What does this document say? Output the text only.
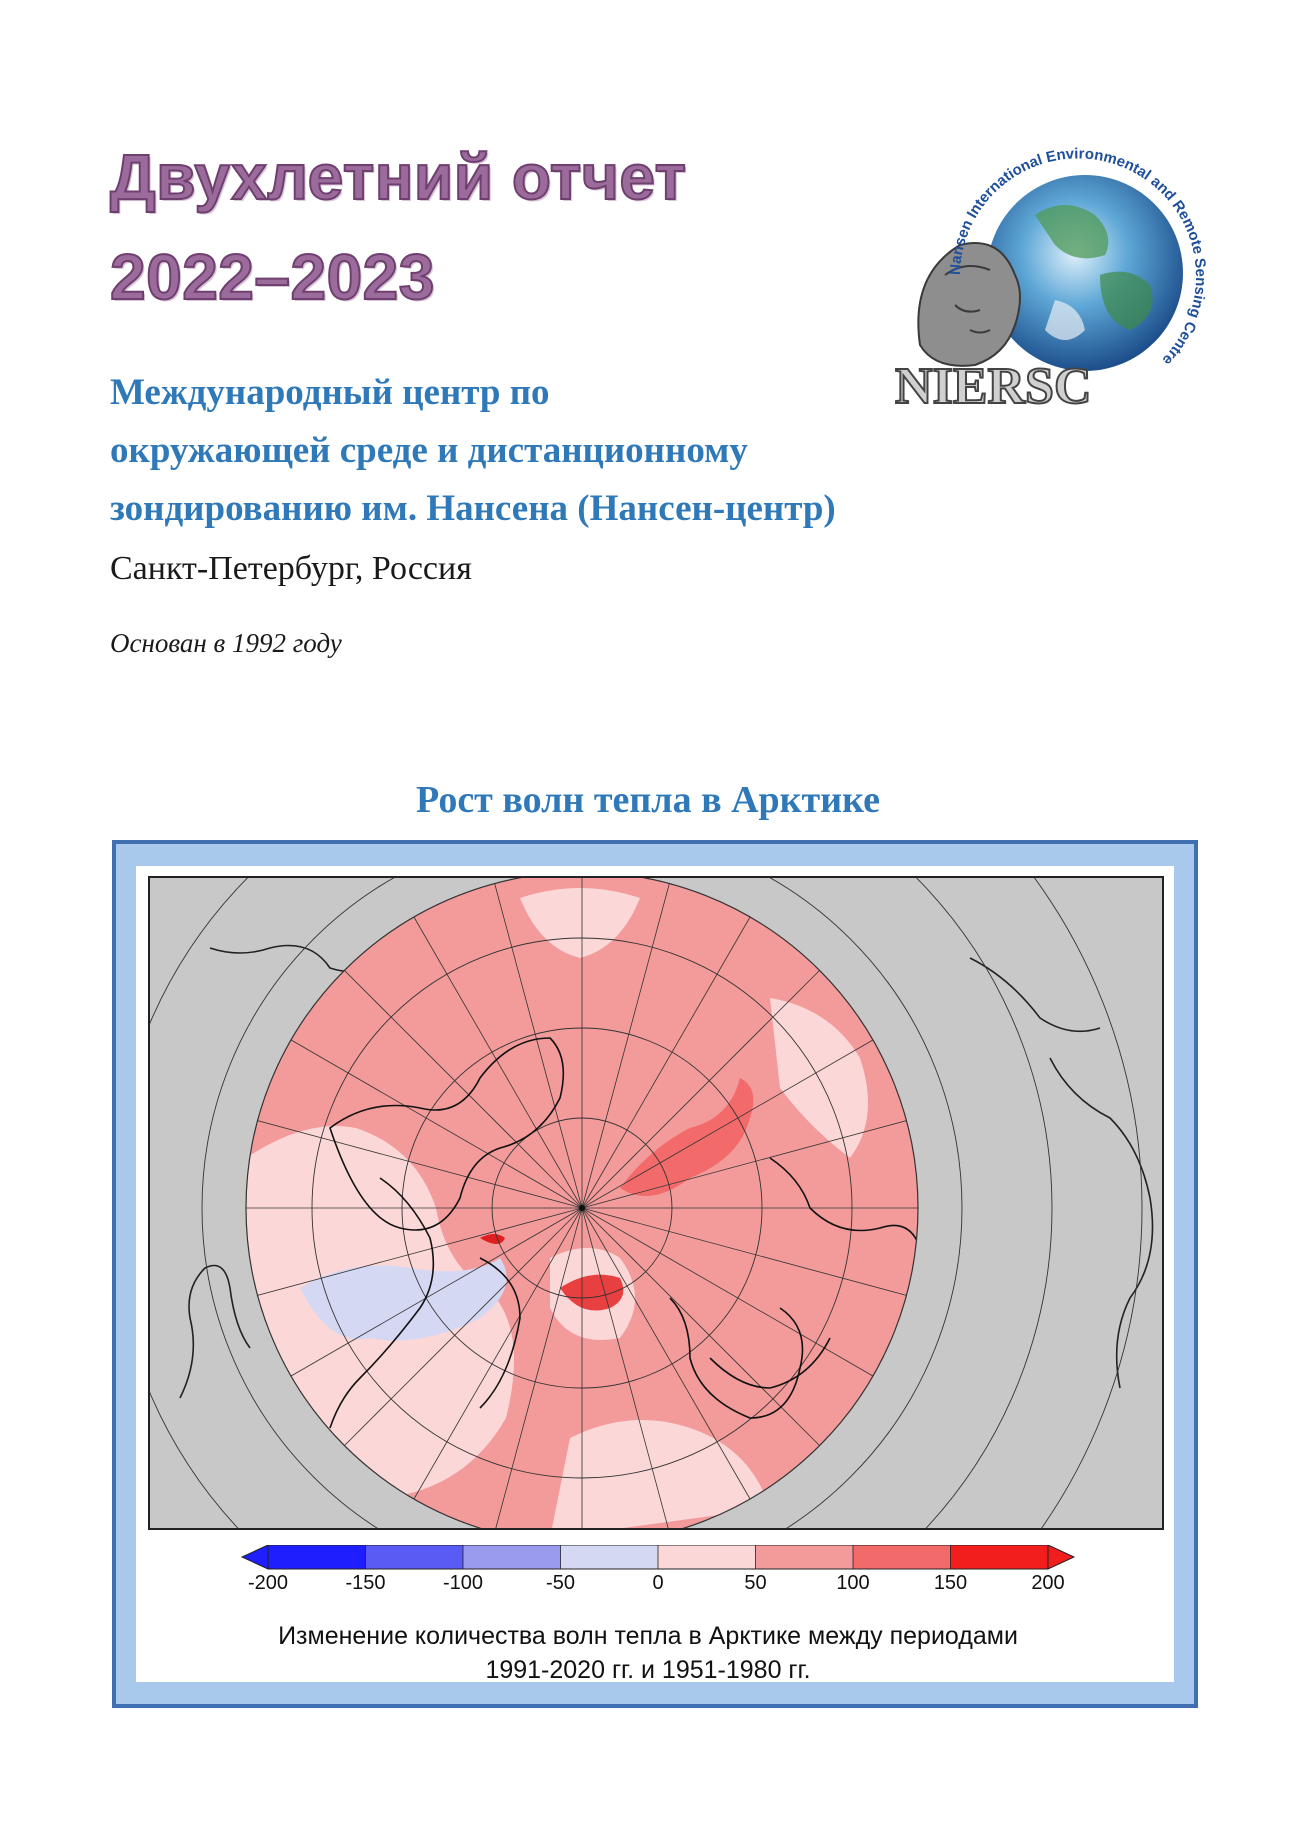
Двухлетний отчет
2022–2023
Международный центр по
окружающей среде и дистанционному
зондированию им. Нансена (Нансен-центр)
Санкт-Петербург, Россия
Основан в 1992 году
Nansen International Environmental and Remote Sensing Centre
NIERSC
Рост волн тепла в Арктике
Изменение количества волн тепла в Арктике между периодами
1991-2020 гг. и 1951-1980 гг.
-200	-150	-100	-50	0	50	100	150	200
